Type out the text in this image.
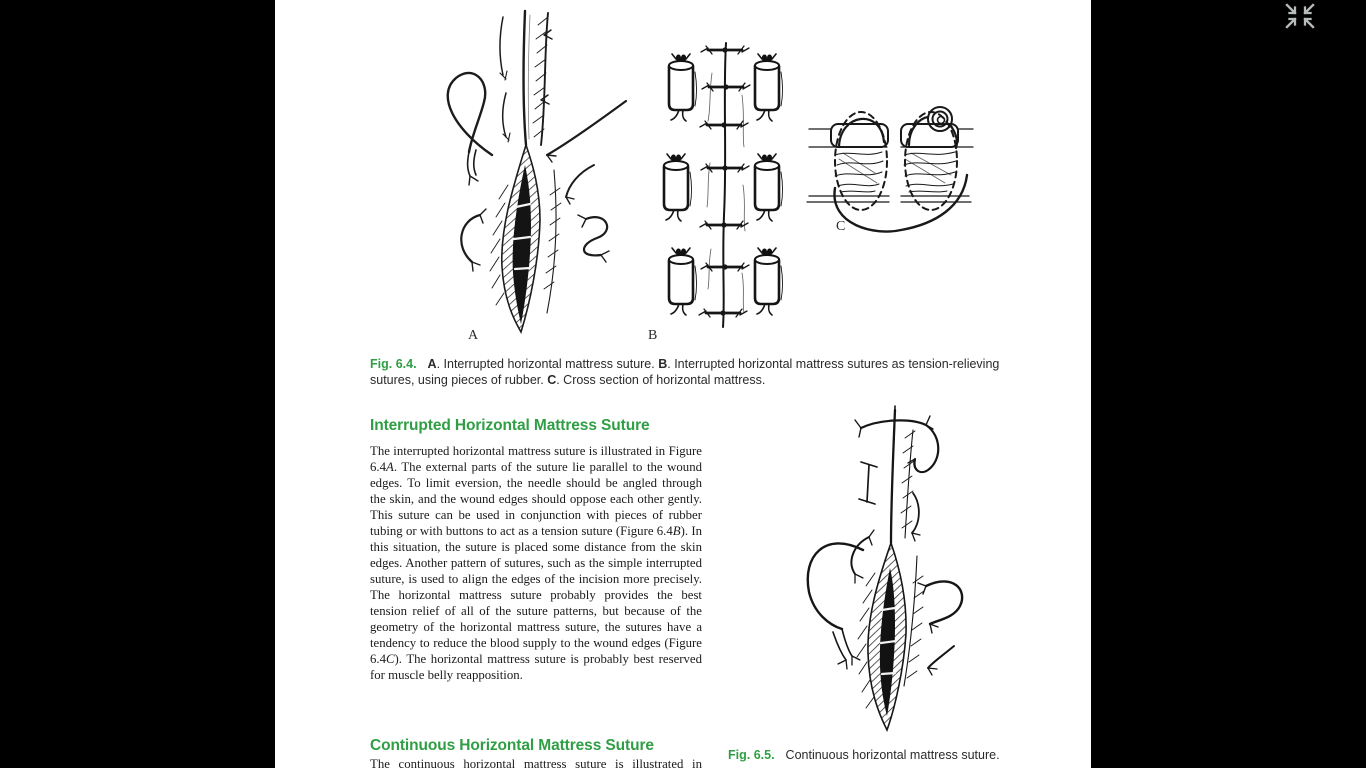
A	B
C

Fig. 6.4. A. Interrupted horizontal mattress suture. B. Interrupted horizontal mattress sutures as tension-relieving sutures, using pieces of rubber. C. Cross section of horizontal mattress.

Interrupted Horizontal Mattress Suture

The interrupted horizontal mattress suture is illustrated in Figure 6.4A. The external parts of the suture lie parallel to the wound edges. To limit eversion, the needle should be angled through the skin, and the wound edges should oppose each other gently. This suture can be used in conjunction with pieces of rubber tubing or with buttons to act as a tension suture (Figure 6.4B). In this situation, the suture is placed some distance from the skin edges. Another pattern of sutures, such as the simple interrupted suture, is used to align the edges of the incision more precisely. The horizontal mattress suture probably provides the best tension relief of all of the suture patterns, but because of the geometry of the horizontal mattress suture, the sutures have a tendency to reduce the blood supply to the wound edges (Figure 6.4C). The horizontal mattress suture is probably best reserved for muscle belly reapposition.

Continuous Horizontal Mattress Suture

The continuous horizontal mattress suture is illustrated in

Fig. 6.5. Continuous horizontal mattress suture.
